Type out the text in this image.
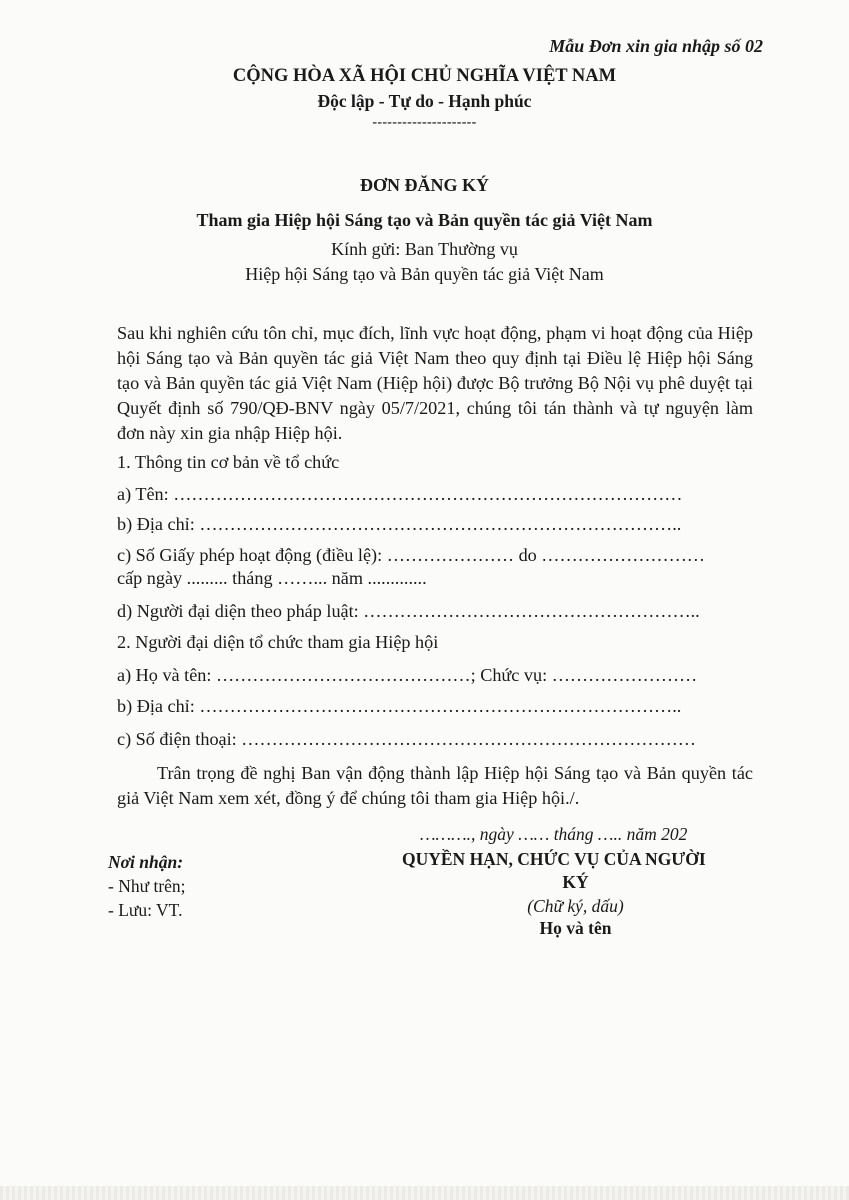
Mẫu Đơn xin gia nhập số 02
CỘNG HÒA XÃ HỘI CHỦ NGHĨA VIỆT NAM
Độc lập - Tự do - Hạnh phúc
---------------------
ĐƠN ĐĂNG KÝ
Tham gia Hiệp hội Sáng tạo và Bản quyền tác giả Việt Nam
Kính gửi: Ban Thường vụ
Hiệp hội Sáng tạo và Bản quyền tác giả Việt Nam
Sau khi nghiên cứu tôn chỉ, mục đích, lĩnh vực hoạt động, phạm vi hoạt động của Hiệp hội Sáng tạo và Bản quyền tác giả Việt Nam theo quy định tại Điều lệ Hiệp hội Sáng tạo và Bản quyền tác giả Việt Nam (Hiệp hội) được Bộ trưởng Bộ Nội vụ phê duyệt tại Quyết định số 790/QĐ-BNV ngày 05/7/2021, chúng tôi tán thành và tự nguyện làm đơn này xin gia nhập Hiệp hội.
1. Thông tin cơ bản về tổ chức
a) Tên: …………………………………………………………………………
b) Địa chỉ: ……………………………………………………………………..
c) Số Giấy phép hoạt động (điều lệ): ………………… do ………………………
cấp ngày ......... tháng ……... năm .............
d) Người đại diện theo pháp luật: ………………………………………………..
2. Người đại diện tổ chức tham gia Hiệp hội
a) Họ và tên: ……………………………………; Chức vụ: ……………………
b) Địa chỉ: ……………………………………………………………………..
c) Số điện thoại: …………………………………………………………………
Trân trọng đề nghị Ban vận động thành lập Hiệp hội Sáng tạo và Bản quyền tác giả Việt Nam xem xét, đồng ý để chúng tôi tham gia Hiệp hội./.
………., ngày …… tháng ….. năm 202
QUYỀN HẠN, CHỨC VỤ CỦA NGƯỜI
KÝ
(Chữ ký, dấu)
Họ và tên
Nơi nhận:
- Như trên;
- Lưu: VT.
